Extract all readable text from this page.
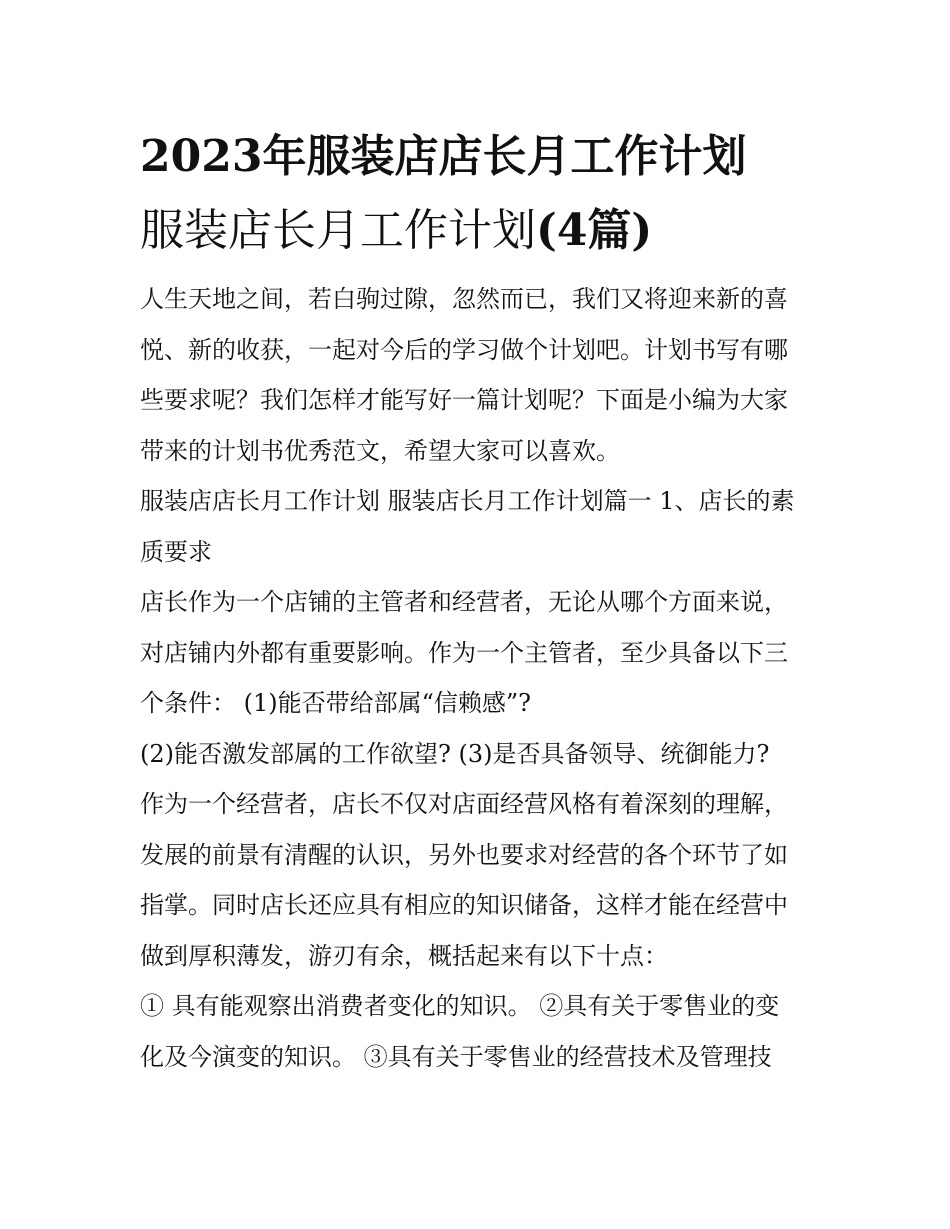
2023年服装店店长月工作计划
服装店长月工作计划(4篇)

人生天地之间，若白驹过隙，忽然而已，我们又将迎来新的喜
悦、新的收获，一起对今后的学习做个计划吧。计划书写有哪
些要求呢？我们怎样才能写好一篇计划呢？下面是小编为大家
带来的计划书优秀范文，希望大家可以喜欢。

服装店店长月工作计划 服装店长月工作计划篇一 1、店长的素
质要求

店长作为一个店铺的主管者和经营者，无论从哪个方面来说，
对店铺内外都有重要影响。作为一个主管者，至少具备以下三
个条件： (1)能否带给部属“信赖感”?

(2)能否激发部属的工作欲望? (3)是否具备领导、统御能力?

作为一个经营者，店长不仅对店面经营风格有着深刻的理解，
发展的前景有清醒的认识，另外也要求对经营的各个环节了如
指掌。同时店长还应具有相应的知识储备，这样才能在经营中
做到厚积薄发，游刃有余，概括起来有以下十点：

① 具有能观察出消费者变化的知识。 ②具有关于零售业的变
化及今演变的知识。 ③具有关于零售业的经营技术及管理技
